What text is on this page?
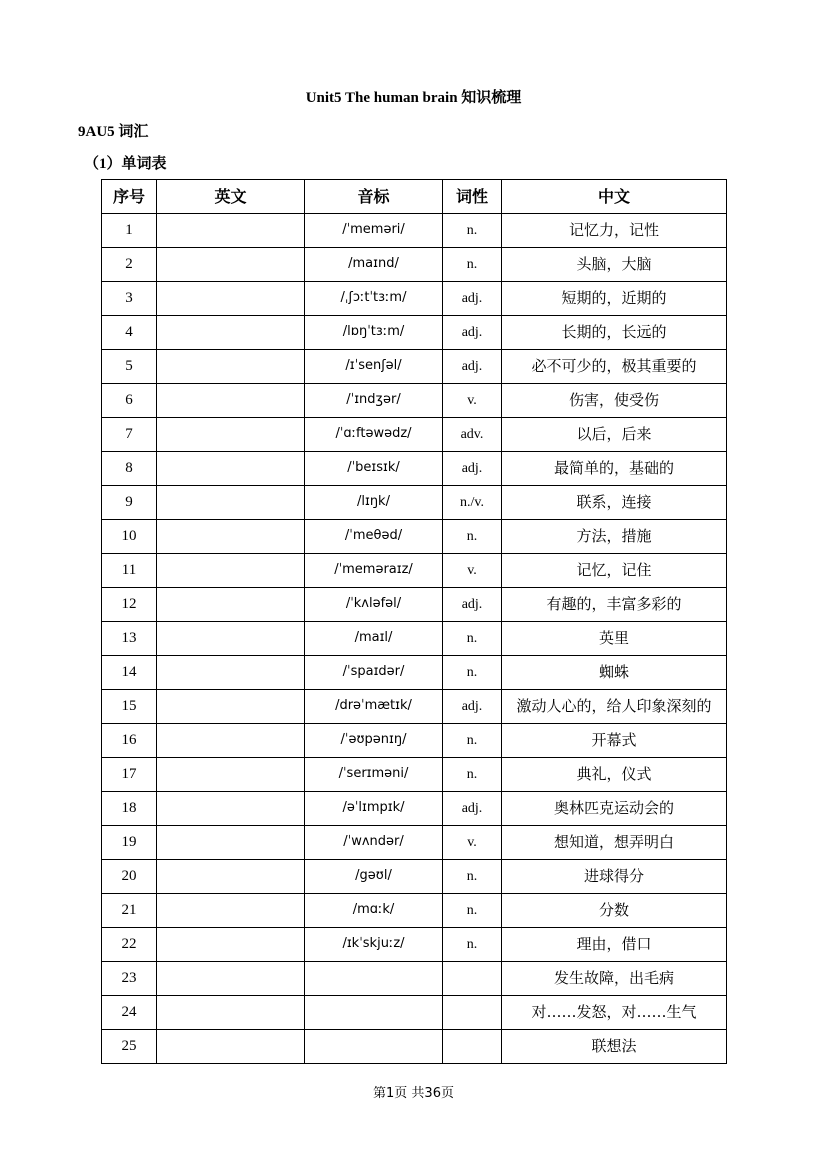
Unit5 The human brain 知识梳理
9AU5 词汇
（1）单词表
序号	英文	音标	词性	中文
1		/ˈmeməri/	n.	记忆力，记性
2		/maɪnd/	n.	头脑，大脑
3		/ˌʃɔːtˈtɜːm/	adj.	短期的，近期的
4		/lɒŋˈtɜːm/	adj.	长期的，长远的
5		/ɪˈsenʃəl/	adj.	必不可少的，极其重要的
6		/ˈɪndʒər/	v.	伤害，使受伤
7		/ˈɑːftəwədz/	adv.	以后，后来
8		/ˈbeɪsɪk/	adj.	最简单的，基础的
9		/lɪŋk/	n./v.	联系，连接
10		/ˈmeθəd/	n.	方法，措施
11		/ˈmeməraɪz/	v.	记忆，记住
12		/ˈkʌləfəl/	adj.	有趣的，丰富多彩的
13		/maɪl/	n.	英里
14		/ˈspaɪdər/	n.	蜘蛛
15		/drəˈmætɪk/	adj.	激动人心的，给人印象深刻的
16		/ˈəʊpənɪŋ/	n.	开幕式
17		/ˈserɪməni/	n.	典礼，仪式
18		/əˈlɪmpɪk/	adj.	奥林匹克运动会的
19		/ˈwʌndər/	v.	想知道，想弄明白
20		/gəʊl/	n.	进球得分
21		/mɑːk/	n.	分数
22		/ɪkˈskjuːz/	n.	理由，借口
23				发生故障，出毛病
24				对……发怒，对……生气
25				联想法
第1页 共36页
